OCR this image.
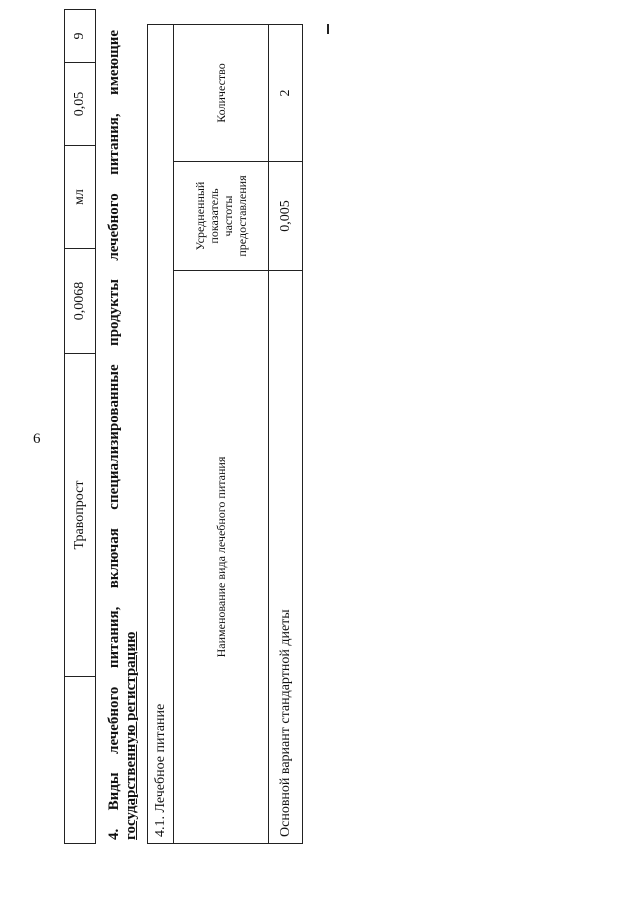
6
	Травопрост	0,0068	мл	0,05	9
4. Виды лечебного питания, включая специализированные продукты лечебного питания, имеющие государственную регистрацию 4.1. Лечебное питание		
Наименование вида лечебного питания	Усредненный показатель частоты предоставления	Количество
Основной вариант стандартной диеты	0,005	2
